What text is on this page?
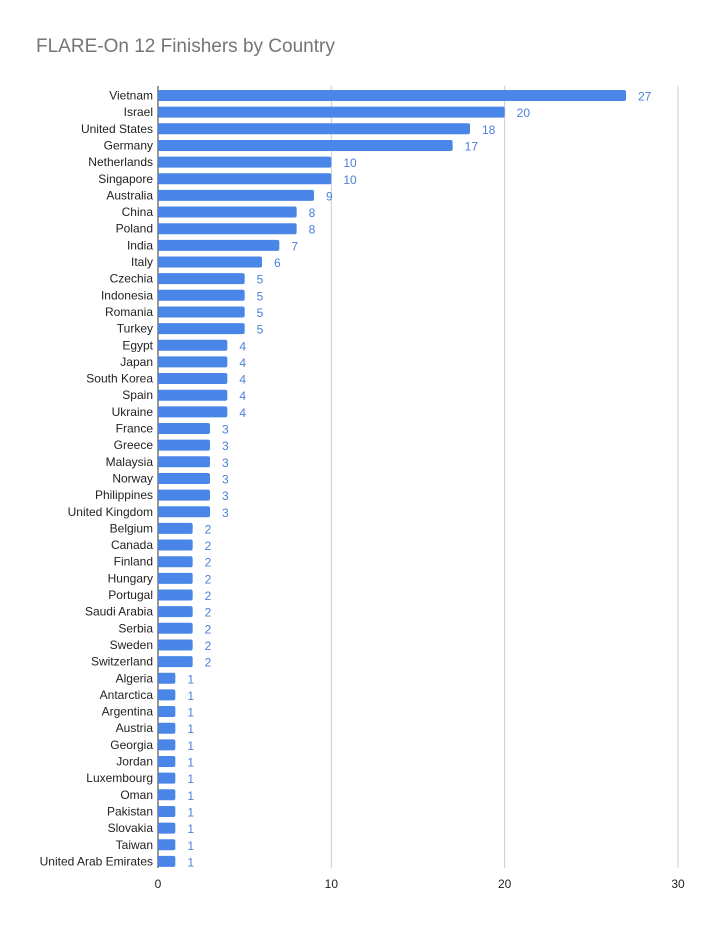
FLARE-On 12 Finishers by Country
0	10	20	30
Vietnam	27
Israel	20
United States	18
Germany	17
Netherlands	10
Singapore	10
Australia	9
China	8
Poland	8
India	7
Italy	6
Czechia	5
Indonesia	5
Romania	5
Turkey	5
Egypt	4
Japan	4
South Korea	4
Spain	4
Ukraine	4
France	3
Greece	3
Malaysia	3
Norway	3
Philippines	3
United Kingdom	3
Belgium	2
Canada	2
Finland	2
Hungary	2
Portugal	2
Saudi Arabia	2
Serbia	2
Sweden	2
Switzerland	2
Algeria	1
Antarctica	1
Argentina	1
Austria	1
Georgia	1
Jordan	1
Luxembourg	1
Oman	1
Pakistan	1
Slovakia	1
Taiwan	1
United Arab Emirates	1
